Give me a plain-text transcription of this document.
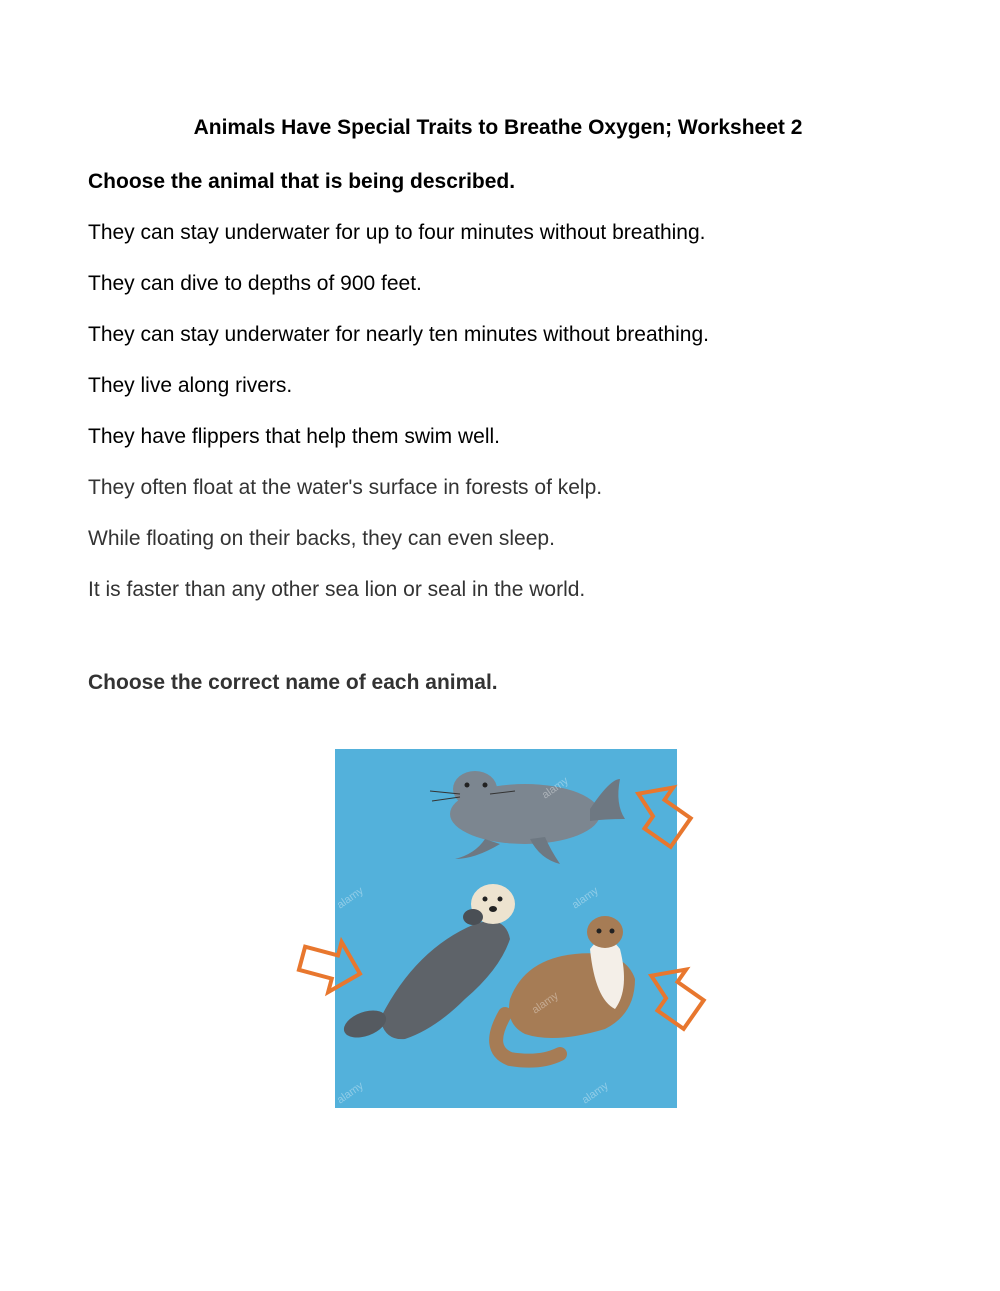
Animals Have Special Traits to Breathe Oxygen; Worksheet 2
Choose the animal that is being described.
They can stay underwater for up to four minutes without breathing.
They can dive to depths of 900 feet.
They can stay underwater for nearly ten minutes without breathing.
They live along rivers.
They have flippers that help them swim well.
They often float at the water's surface in forests of kelp.
While floating on their backs, they can even sleep.
It is faster than any other sea lion or seal in the world.
Choose the correct name of each animal.
alamy
alamy	alamy
alamy
alamy	alamy
